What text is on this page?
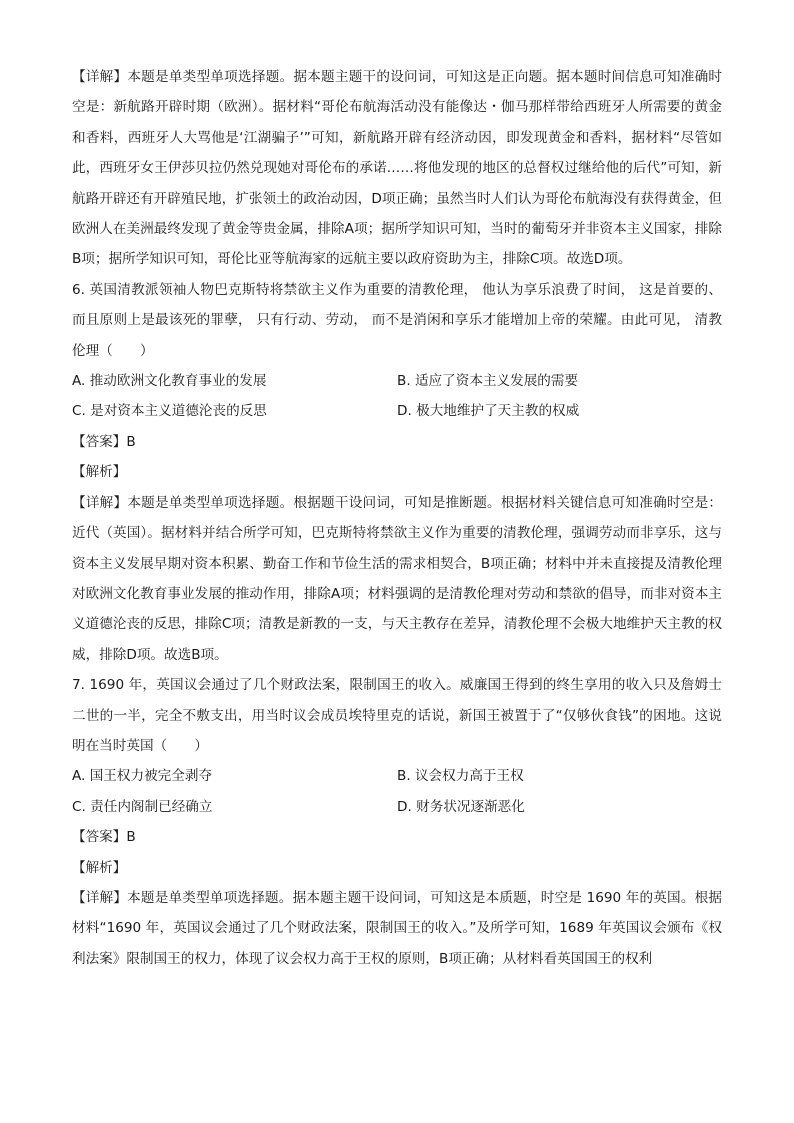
【详解】本题是单类型单项选择题。据本题主题干的设问词，可知这是正向题。据本题时间信息可知准确时空是：新航路开辟时期（欧洲）。据材料“哥伦布航海活动没有能像达・伽马那样带给西班牙人所需要的黄金和香料，西班牙人大骂他是‘江湖骗子’”可知，新航路开辟有经济动因，即发现黄金和香料，据材料“尽管如此，西班牙女王伊莎贝拉仍然兑现她对哥伦布的承诺……将他发现的地区的总督权过继给他的后代”可知，新航路开辟还有开辟殖民地，扩张领土的政治动因，D项正确；虽然当时人们认为哥伦布航海没有获得黄金，但欧洲人在美洲最终发现了黄金等贵金属，排除A项；据所学知识可知，当时的葡萄牙并非资本主义国家，排除B项；据所学知识可知，哥伦比亚等航海家的远航主要以政府资助为主，排除C项。故选D项。

6. 英国清教派领袖人物巴克斯特将禁欲主义作为重要的清教伦理， 他认为享乐浪费了时间， 这是首要的、而且原则上是最该死的罪孽， 只有行动、劳动， 而不是消闲和享乐才能增加上帝的荣耀。由此可见， 清教伦理（　　）

A. 推动欧洲文化教育事业的发展	B. 适应了资本主义发展的需要
C. 是对资本主义道德沦丧的反思	D. 极大地维护了天主教的权威

【答案】B

【解析】

【详解】本题是单类型单项选择题。根据题干设问词，可知是推断题。根据材料关键信息可知准确时空是：近代（英国）。据材料并结合所学可知，巴克斯特将禁欲主义作为重要的清教伦理，强调劳动而非享乐，这与资本主义发展早期对资本积累、勤奋工作和节俭生活的需求相契合，B项正确；材料中并未直接提及清教伦理对欧洲文化教育事业发展的推动作用，排除A项；材料强调的是清教伦理对劳动和禁欲的倡导，而非对资本主义道德沦丧的反思，排除C项；清教是新教的一支，与天主教存在差异，清教伦理不会极大地维护天主教的权威，排除D项。故选B项。

7. 1690 年，英国议会通过了几个财政法案，限制国王的收入。威廉国王得到的终生享用的收入只及詹姆士二世的一半，完全不敷支出，用当时议会成员埃特里克的话说，新国王被置于了“仅够伙食钱”的困地。这说明在当时英国（　　）

A. 国王权力被完全剥夺	B. 议会权力高于王权
C. 责任内阁制已经确立	D. 财务状况逐渐恶化

【答案】B

【解析】

【详解】本题是单类型单项选择题。据本题主题干设问词，可知这是本质题，时空是 1690 年的英国。根据材料“1690 年，英国议会通过了几个财政法案，限制国王的收入。”及所学可知，1689 年英国议会颁布《权利法案》限制国王的权力，体现了议会权力高于王权的原则，B项正确；从材料看英国国王的权利
